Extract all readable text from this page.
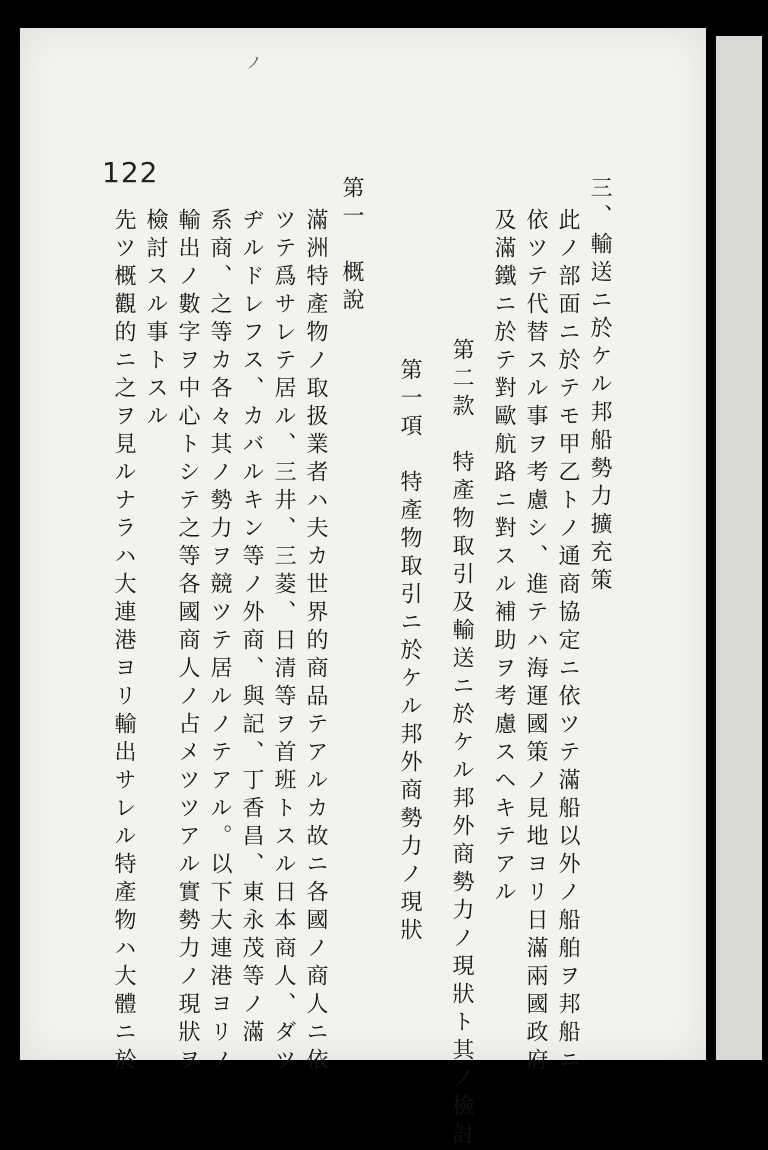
ノ
122
三、輸送ニ於ケル邦船勢力擴充策
此ノ部面ニ於テモ甲乙トノ通商協定ニ依ツテ滿船以外ノ船舶ヲ邦船ニ
依ツテ代替スル事ヲ考慮シ、進テハ海運國策ノ見地ヨリ日滿兩國政府
及滿鐵ニ於テ對歐航路ニ對スル補助ヲ考慮スヘキテアル
第二款　特產物取引及輸送ニ於ケル邦外商勢力ノ現狀ト其ノ檢討
第一項　特產物取引ニ於ケル邦外商勢力ノ現狀
第一　概說
滿洲特產物ノ取扱業者ハ夫カ世界的商品テアルカ故ニ各國ノ商人ニ依
ツテ爲サレテ居ル、三井、三菱、日清等ヲ首班トスル日本商人、ダツ
ヂルドレフス、カバルキン等ノ外商、與記、丁香昌、東永茂等ノ滿
系商、之等カ各々其ノ勢力ヲ競ツテ居ルノテアル。以下大連港ヨリノ
輸出ノ數字ヲ中心トシテ之等各國商人ノ占メツツアル實勢力ノ現狀ヲ
檢討スル事トスル
先ツ概觀的ニ之ヲ見ルナラハ大連港ヨリ輸出サレル特產物ハ大體ニ於
